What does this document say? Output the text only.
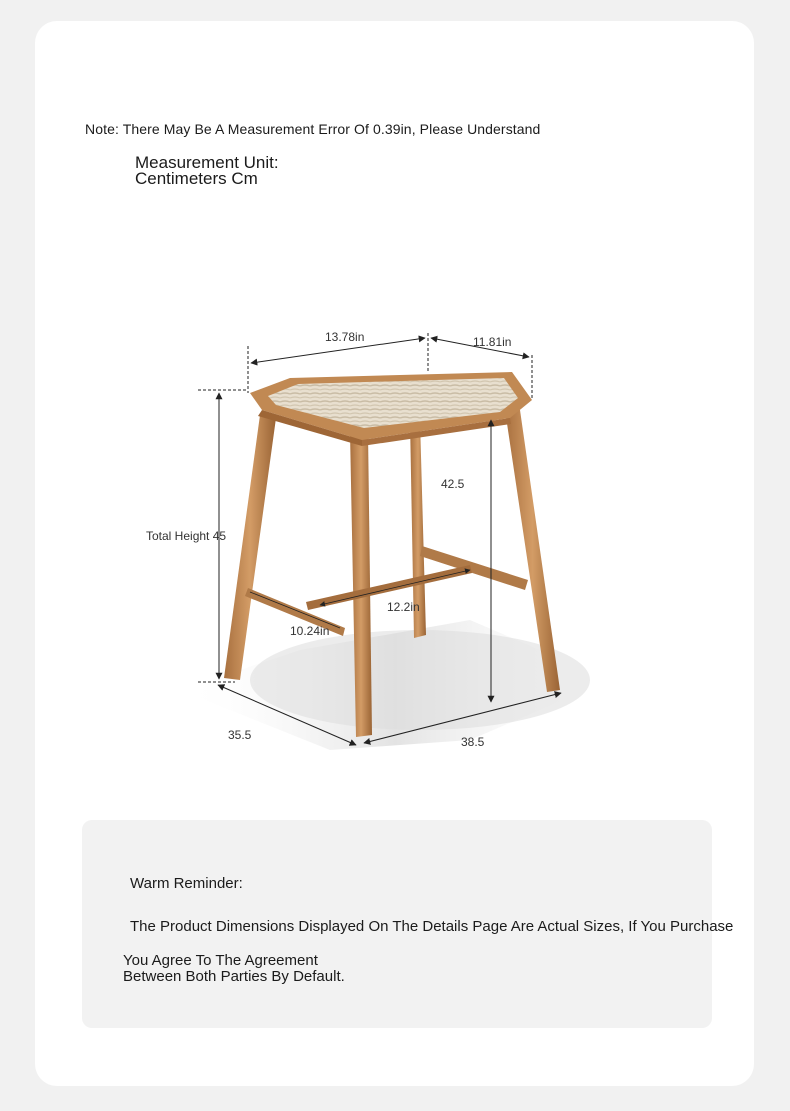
Note: There May Be A Measurement Error Of 0.39in, Please Understand
Measurement Unit:
Centimeters Cm
13.78in	11.81in
Total Height 45
42.5
12.2in
10.24in
35.5	38.5
Warm Reminder:
The Product Dimensions Displayed On The Details Page Are Actual Sizes, If You Purchase
You Agree To The Agreement
Between Both Parties By Default.
